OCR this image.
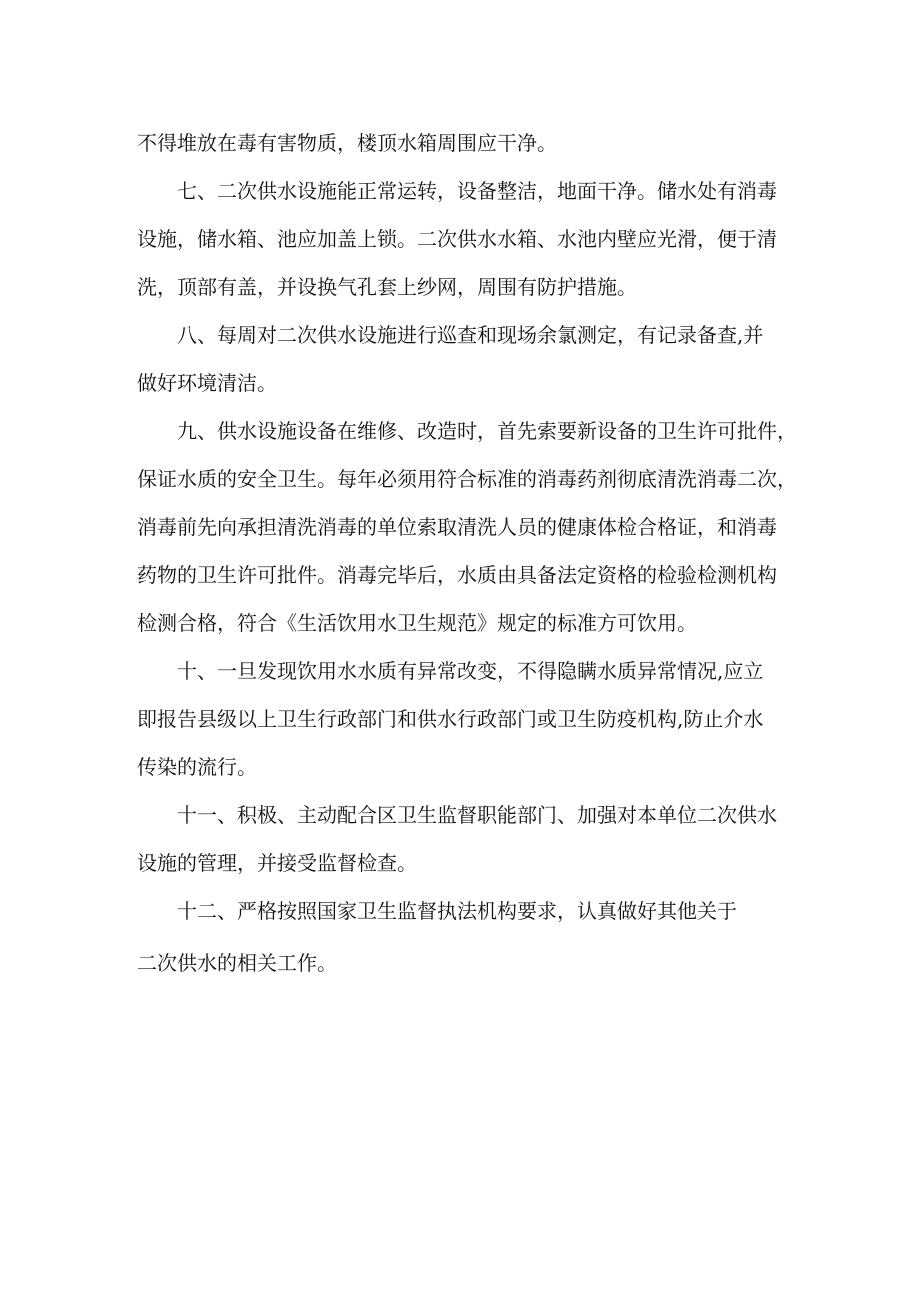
不得堆放在毒有害物质，楼顶水箱周围应干净。

七、二次供水设施能正常运转，设备整洁，地面干净。储水处有消毒
设施，储水箱、池应加盖上锁。二次供水水箱、水池内壁应光滑，便于清
洗，顶部有盖，并设换气孔套上纱网，周围有防护措施。

八、每周对二次供水设施进行巡查和现场余氯测定，有记录备查,并
做好环境清洁。

九、供水设施设备在维修、改造时，首先索要新设备的卫生许可批件，
保证水质的安全卫生。每年必须用符合标准的消毒药剂彻底清洗消毒二次，
消毒前先向承担清洗消毒的单位索取清洗人员的健康体检合格证，和消毒
药物的卫生许可批件。消毒完毕后，水质由具备法定资格的检验检测机构
检测合格，符合《生活饮用水卫生规范》规定的标准方可饮用。

十、一旦发现饮用水水质有异常改变，不得隐瞒水质异常情况,应立
即报告县级以上卫生行政部门和供水行政部门或卫生防疫机构,防止介水
传染的流行。

十一、积极、主动配合区卫生监督职能部门、加强对本单位二次供水
设施的管理，并接受监督检查。

十二、严格按照国家卫生监督执法机构要求，认真做好其他关于
二次供水的相关工作。
